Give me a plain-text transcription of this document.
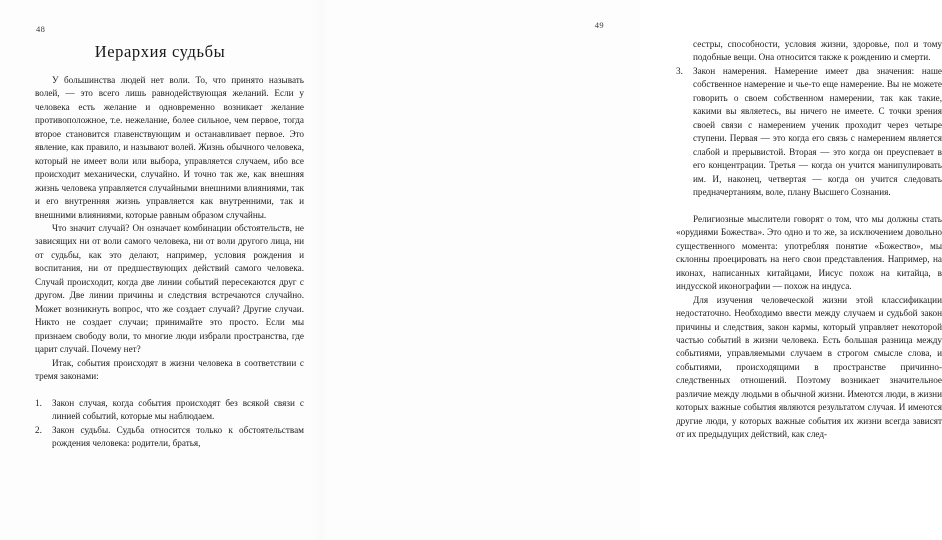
48
Иерархия судьбы

У большинства людей нет воли. То, что принято называть волей, — это всего лишь равнодействующая желаний. Если у человека есть желание и одновременно возникает желание противоположное, т.е. нежелание, более сильное, чем первое, тогда второе становится главенствующим и останавливает первое. Это явление, как правило, и называют волей. Жизнь обычного человека, который не имеет воли или выбора, управляется случаем, ибо все происходит механически, случайно. И точно так же, как внешняя жизнь человека управляется случайными внешними влияниями, так и его внутренняя жизнь управляется как внутренними, так и внешними влияниями, которые равным образом случайны.

Что значит случай? Он означает комбинации обстоятельств, не зависящих ни от воли самого человека, ни от воли другого лица, ни от судьбы, как это делают, например, условия рождения и воспитания, ни от предшествующих действий самого человека. Случай происходит, когда две линии событий пересекаются друг с другом. Две линии причины и следствия встречаются случайно. Может возникнуть вопрос, что же создает случай? Другие случаи. Никто не создает случаи; принимайте это просто. Если мы признаем свободу воли, то многие люди избрали пространства, где царит случай. Почему нет?

Итак, события происходят в жизни человека в соответствии с тремя законами:

1.	Закон случая, когда события происходят без всякой связи с линией событий, которые мы наблюдаем.
2.	Закон судьбы. Судьба относится только к обстоятельствам рождения человека: родители, братья,
49

сестры, способности, условия жизни, здоровье, пол и тому подобные вещи. Она относится также к рождению и смерти.

3.	Закон намерения. Намерение имеет два значения: наше собственное намерение и чье-то еще намерение. Вы не можете говорить о своем собственном намерении, так как такие, какими вы являетесь, вы ничего не имеете. С точки зрения своей связи с намерением ученик проходит через четыре ступени. Первая — это когда его связь с намерением является слабой и прерывистой. Вторая — это когда он преуспевает в его концентрации. Третья — когда он учится манипулировать им. И, наконец, четвертая — когда он учится следовать предначертаниям, воле, плану Высшего Сознания.

Религиозные мыслители говорят о том, что мы должны стать «орудиями Божества». Это одно и то же, за исключением довольно существенного момента: употребляя понятие «Божество», мы склонны проецировать на него свои представления. Например, на иконах, написанных китайцами, Иисус похож на китайца, в индусской иконографии — похож на индуса.

Для изучения человеческой жизни этой классификации недостаточно. Необходимо ввести между случаем и судьбой закон причины и следствия, закон кармы, который управляет некоторой частью событий в жизни человека. Есть большая разница между событиями, управляемыми случаем в строгом смысле слова, и событиями, происходящими в пространстве причинно-следственных отношений. Поэтому возникает значительное различие между людьми в обычной жизни. Имеются люди, в жизни которых важные события являются результатом случая. И имеются другие люди, у которых важные события их жизни всегда зависят от их предыдущих действий, как след-
